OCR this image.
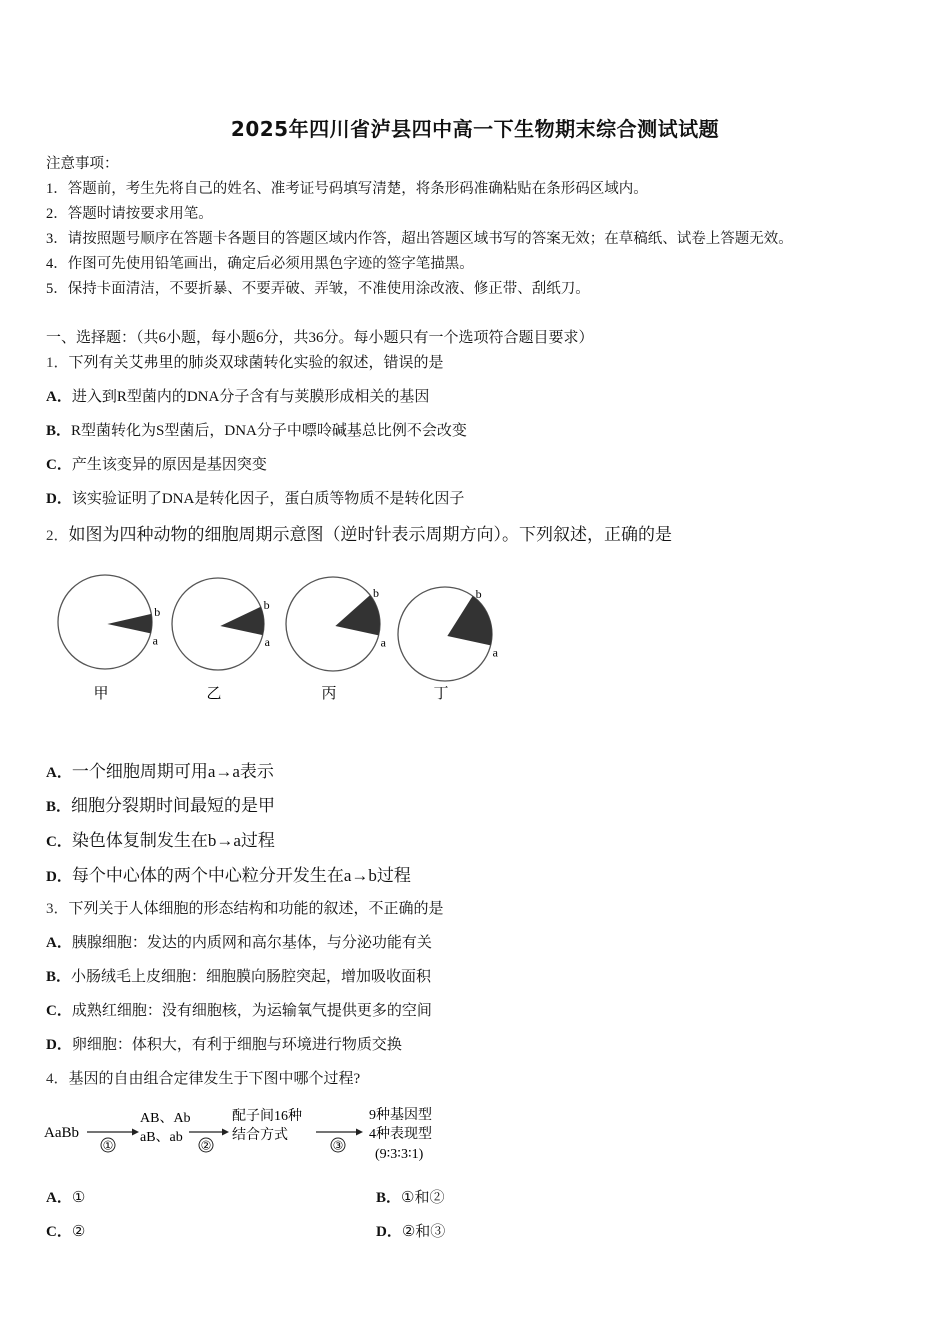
2025年四川省泸县四中高一下生物期末综合测试试题
注意事项：
1．答题前，考生先将自己的姓名、准考证号码填写清楚，将条形码准确粘贴在条形码区域内。
2．答题时请按要求用笔。
3．请按照题号顺序在答题卡各题目的答题区域内作答，超出答题区域书写的答案无效；在草稿纸、试卷上答题无效。
4．作图可先使用铅笔画出，确定后必须用黑色字迹的签字笔描黑。
5．保持卡面清洁，不要折暴、不要弄破、弄皱，不准使用涂改液、修正带、刮纸刀。
一、选择题：（共6小题，每小题6分，共36分。每小题只有一个选项符合题目要求）
1．下列有关艾弗里的肺炎双球菌转化实验的叙述，错误的是
A．进入到R型菌内的DNA分子含有与荚膜形成相关的基因
B．R型菌转化为S型菌后，DNA分子中嘌呤碱基总比例不会改变
C．产生该变异的原因是基因突变
D．该实验证明了DNA是转化因子，蛋白质等物质不是转化因子
2．如图为四种动物的细胞周期示意图（逆时针表示周期方向）。下列叙述，正确的是
a
b
甲
a
b
乙
a
b
丙
a
b
丁
A．一个细胞周期可用a→a表示
B．细胞分裂期时间最短的是甲
C．染色体复制发生在b→a过程
D．每个中心体的两个中心粒分开发生在a→b过程
3．下列关于人体细胞的形态结构和功能的叙述，不正确的是
A．胰腺细胞：发达的内质网和高尔基体，与分泌功能有关
B．小肠绒毛上皮细胞：细胞膜向肠腔突起，增加吸收面积
C．成熟红细胞：没有细胞核，为运输氧气提供更多的空间
D．卵细胞：体积大，有利于细胞与环境进行物质交换
4．基因的自由组合定律发生于下图中哪个过程?
AaBb
①
AB、Ab
aB、ab
②
配子间16种
结合方式
③
9种基因型
4种表现型
(9∶3∶3∶1)
A．①	B．①和②
C．②	D．②和③
